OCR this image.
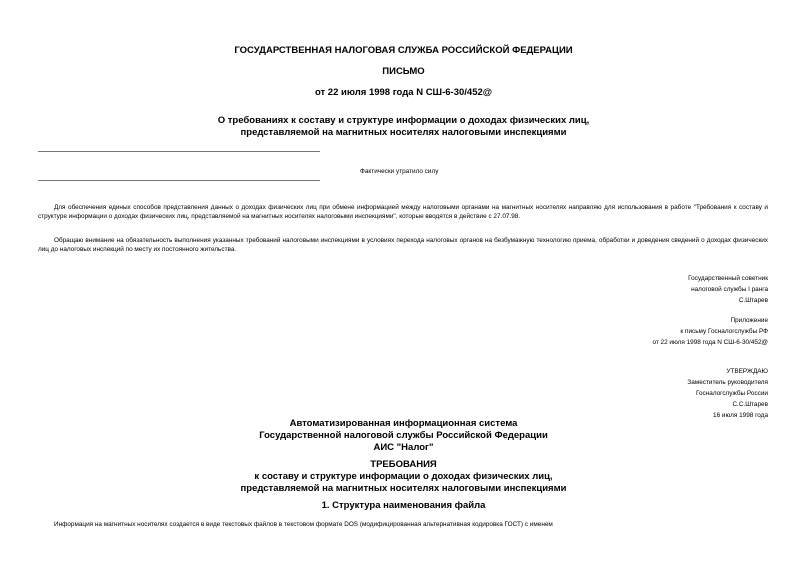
ГОСУДАРСТВЕННАЯ НАЛОГОВАЯ СЛУЖБА РОССИЙСКОЙ ФЕДЕРАЦИИ
ПИСЬМО
от 22 июля 1998 года N СШ-6-30/452@
О требованиях к составу и структуре информации о доходах физических лиц,
представляемой на магнитных носителях налоговыми инспекциями
Фактически утратило силу
Для обеспечения единых способов представления данных о доходах физических лиц при обмене информацией между налоговыми органами на магнитных носителях направляю для использования в работе "Требования к составу и структуре информации о доходах физических лиц, представляемой на магнитных носителях налоговыми инспекциями", которые вводятся в действие с 27.07.98.
Обращаю внимание на обязательность выполнения указанных требований налоговыми инспекциями в условиях перехода налоговых органов на безбумажную технологию приема, обработки и доведения сведений о доходах физических лиц до налоговых инспекций по месту их постоянного жительства.
Государственный советник
налоговой службы I ранга
С.Штарев
Приложение
к письму Госналогслужбы РФ
от 22 июля 1998 года N СШ-6-30/452@
УТВЕРЖДАЮ
Заместитель руководителя
Госналогслужбы России
С.С.Штарев
16 июля 1998 года
Автоматизированная информационная система
Государственной налоговой службы Российской Федерации
АИС "Налог"
ТРЕБОВАНИЯ
к составу и структуре информации о доходах физических лиц,
представляемой на магнитных носителях налоговыми инспекциями
1. Структура наименования файла
Информация на магнитных носителях создается в виде текстовых файлов в текстовом формате DOS (модифицированная альтернативная кодировка ГОСТ) с именем
